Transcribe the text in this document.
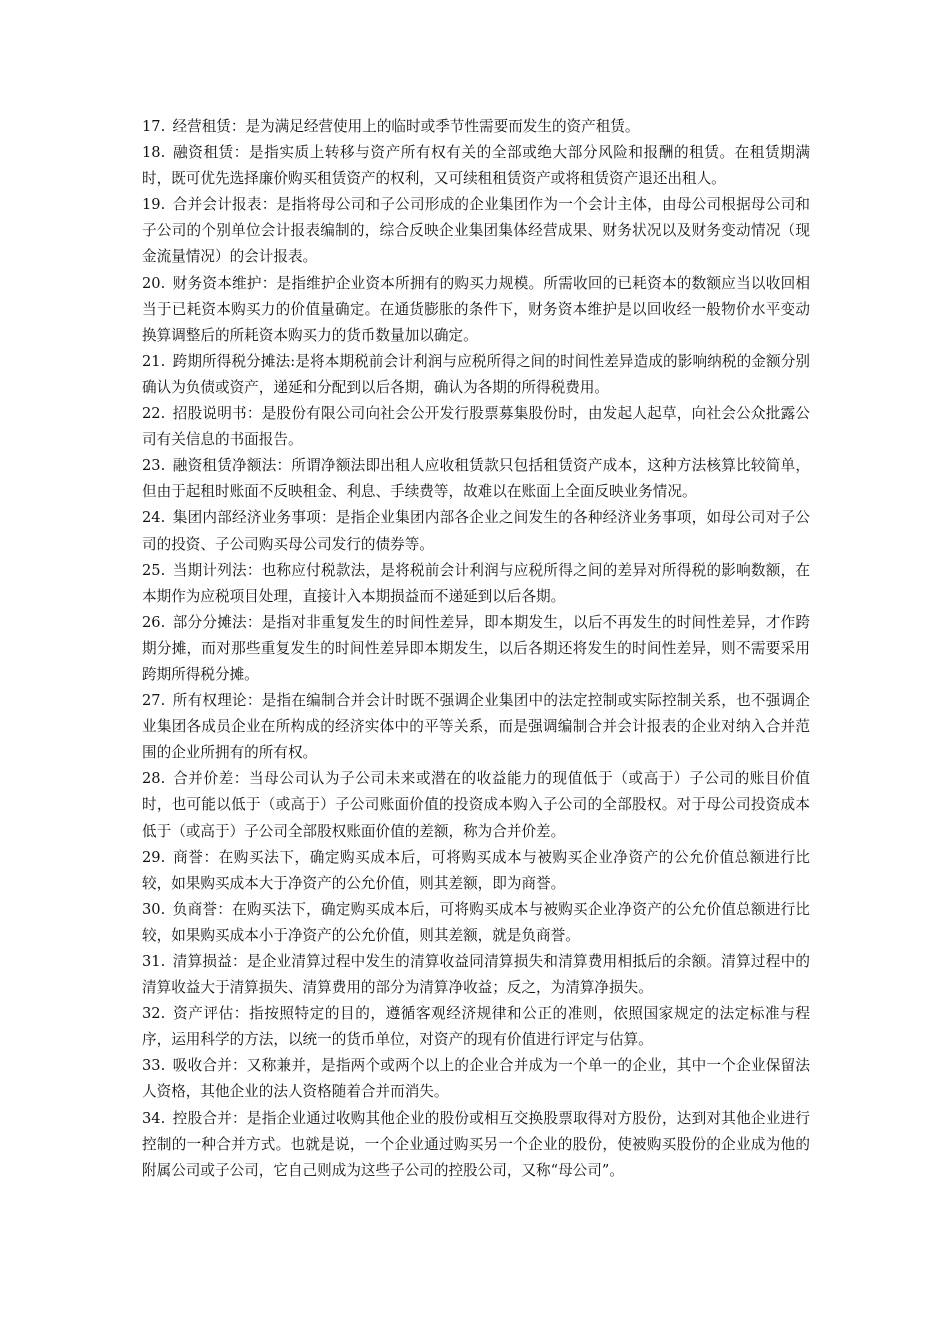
17.  经营租赁：是为满足经营使用上的临时或季节性需要而发生的资产租赁。

18.  融资租赁：是指实质上转移与资产所有权有关的全部或绝大部分风险和报酬的租赁。在租赁期满时，既可优先选择廉价购买租赁资产的权利，又可续租租赁资产或将租赁资产退还出租人。

19.  合并会计报表：是指将母公司和子公司形成的企业集团作为一个会计主体，由母公司根据母公司和子公司的个别单位会计报表编制的，综合反映企业集团集体经营成果、财务状况以及财务变动情况（现金流量情况）的会计报表。

20.  财务资本维护：是指维护企业资本所拥有的购买力规模。所需收回的已耗资本的数额应当以收回相当于已耗资本购买力的价值量确定。在通货膨胀的条件下，财务资本维护是以回收经一般物价水平变动换算调整后的所耗资本购买力的货币数量加以确定。

21.  跨期所得税分摊法:是将本期税前会计利润与应税所得之间的时间性差异造成的影响纳税的金额分别确认为负债或资产，递延和分配到以后各期，确认为各期的所得税费用。

22.  招股说明书：是股份有限公司向社会公开发行股票募集股份时，由发起人起草，向社会公众批露公司有关信息的书面报告。

23.  融资租赁净额法：所谓净额法即出租人应收租赁款只包括租赁资产成本，这种方法核算比较简单，但由于起租时账面不反映租金、利息、手续费等，故难以在账面上全面反映业务情况。

24.  集团内部经济业务事项：是指企业集团内部各企业之间发生的各种经济业务事项，如母公司对子公司的投资、子公司购买母公司发行的债券等。

25.  当期计列法：也称应付税款法，是将税前会计利润与应税所得之间的差异对所得税的影响数额，在本期作为应税项目处理，直接计入本期损益而不递延到以后各期。

26.  部分分摊法：是指对非重复发生的时间性差异，即本期发生，以后不再发生的时间性差异，才作跨期分摊，而对那些重复发生的时间性差异即本期发生，以后各期还将发生的时间性差异，则不需要采用跨期所得税分摊。

27.  所有权理论：是指在编制合并会计时既不强调企业集团中的法定控制或实际控制关系，也不强调企业集团各成员企业在所构成的经济实体中的平等关系，而是强调编制合并会计报表的企业对纳入合并范围的企业所拥有的所有权。

28.  合并价差：当母公司认为子公司未来或潜在的收益能力的现值低于（或高于）子公司的账目价值时，也可能以低于（或高于）子公司账面价值的投资成本购入子公司的全部股权。对于母公司投资成本低于（或高于）子公司全部股权账面价值的差额，称为合并价差。

29.  商誉：在购买法下，确定购买成本后，可将购买成本与被购买企业净资产的公允价值总额进行比较，如果购买成本大于净资产的公允价值，则其差额，即为商誉。

30.  负商誉：在购买法下，确定购买成本后，可将购买成本与被购买企业净资产的公允价值总额进行比较，如果购买成本小于净资产的公允价值，则其差额，就是负商誉。

31.  清算损益：是企业清算过程中发生的清算收益同清算损失和清算费用相抵后的余额。清算过程中的清算收益大于清算损失、清算费用的部分为清算净收益；反之，为清算净损失。

32.  资产评估：指按照特定的目的，遵循客观经济规律和公正的准则，依照国家规定的法定标准与程序，运用科学的方法，以统一的货币单位，对资产的现有价值进行评定与估算。

33.  吸收合并：又称兼并，是指两个或两个以上的企业合并成为一个单一的企业，其中一个企业保留法人资格，其他企业的法人资格随着合并而消失。

34.  控股合并：是指企业通过收购其他企业的股份或相互交换股票取得对方股份，达到对其他企业进行控制的一种合并方式。也就是说，一个企业通过购买另一个企业的股份，使被购买股份的企业成为他的附属公司或子公司，它自己则成为这些子公司的控股公司，又称“母公司”。
